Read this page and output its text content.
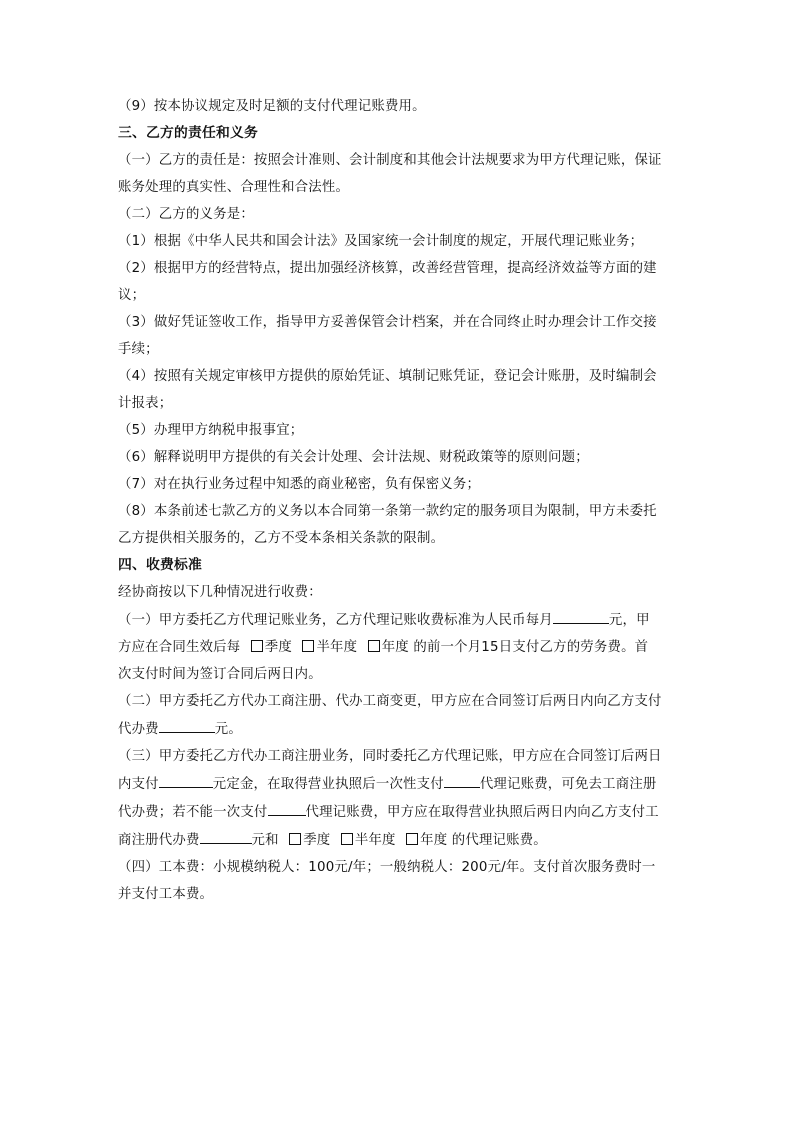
（9）按本协议规定及时足额的支付代理记账费用。

三、乙方的责任和义务

（一）乙方的责任是：按照会计准则、会计制度和其他会计法规要求为甲方代理记账，保证

账务处理的真实性、合理性和合法性。

（二）乙方的义务是：

（1）根据《中华人民共和国会计法》及国家统一会计制度的规定，开展代理记账业务；

（2）根据甲方的经营特点，提出加强经济核算，改善经营管理，提高经济效益等方面的建

议；

（3）做好凭证签收工作，指导甲方妥善保管会计档案，并在合同终止时办理会计工作交接

手续；

（4）按照有关规定审核甲方提供的原始凭证、填制记账凭证，登记会计账册，及时编制会

计报表；

（5）办理甲方纳税申报事宜；

（6）解释说明甲方提供的有关会计处理、会计法规、财税政策等的原则问题；

（7）对在执行业务过程中知悉的商业秘密，负有保密义务；

（8）本条前述七款乙方的义务以本合同第一条第一款约定的服务项目为限制，甲方未委托

乙方提供相关服务的，乙方不受本条相关条款的限制。

四、收费标准

经协商按以下几种情况进行收费：

（一）甲方委托乙方代理记账业务，乙方代理记账收费标准为人民币每月	元，甲

方应在合同生效后每 季度 半年度 年度 的前一个月15日支付乙方的劳务费。首

次支付时间为签订合同后两日内。

（二）甲方委托乙方代办工商注册、代办工商变更，甲方应在合同签订后两日内向乙方支付

代办费	元。

（三）甲方委托乙方代办工商注册业务，同时委托乙方代理记账，甲方应在合同签订后两日

内支付	元定金，在取得营业执照后一次性支付	代理记账费，可免去工商注册

代办费；若不能一次支付	代理记账费，甲方应在取得营业执照后两日内向乙方支付工

商注册代办费	元和 季度 半年度 年度 的代理记账费。

（四）工本费：小规模纳税人：100元/年；一般纳税人：200元/年。支付首次服务费时一

并支付工本费。
